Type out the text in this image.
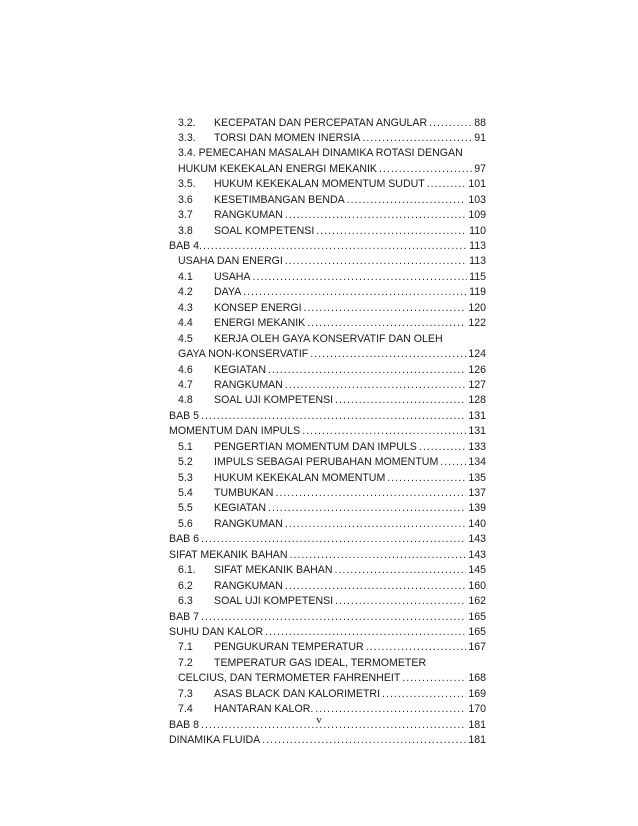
3.2.	KECEPATAN DAN PERCEPATAN ANGULAR .....	88
3.3.	TORSI DAN MOMEN INERSIA .....	91
3.4. PEMECAHAN MASALAH DINAMIKA ROTASI DENGAN
HUKUM KEKEKALAN ENERGI MEKANIK .....	97
3.5.	HUKUM KEKEKALAN MOMENTUM SUDUT .....	101
3.6	KESETIMBANGAN BENDA .....	103
3.7	RANGKUMAN .....	109
3.8	SOAL KOMPETENSI .....	110
BAB 4 .....	113
USAHA DAN ENERGI .....	113
4.1	USAHA .....	115
4.2	DAYA .....	119
4.3	KONSEP ENERGI .....	120
4.4	ENERGI MEKANIK .....	122
4.5	KERJA OLEH GAYA KONSERVATIF DAN OLEH
GAYA NON-KONSERVATIF .....	124
4.6	KEGIATAN .....	126
4.7	RANGKUMAN .....	127
4.8	SOAL UJI KOMPETENSI .....	128
BAB 5 .....	131
MOMENTUM DAN IMPULS .....	131
5.1	PENGERTIAN MOMENTUM DAN IMPULS .....	133
5.2	IMPULS SEBAGAI PERUBAHAN MOMENTUM .....	134
5.3	HUKUM KEKEKALAN MOMENTUM .....	135
5.4	TUMBUKAN .....	137
5.5	KEGIATAN .....	139
5.6	RANGKUMAN .....	140
BAB 6 .....	143
SIFAT MEKANIK BAHAN .....	143
6.1.	SIFAT MEKANIK BAHAN .....	145
6.2	RANGKUMAN .....	160
6.3	SOAL UJI KOMPETENSI .....	162
BAB 7 .....	165
SUHU DAN KALOR .....	165
7.1	PENGUKURAN TEMPERATUR .....	167
7.2	TEMPERATUR GAS IDEAL, TERMOMETER
CELCIUS, DAN TERMOMETER FAHRENHEIT .....	168
7.3	ASAS BLACK DAN KALORIMETRI .....	169
7.4	HANTARAN KALOR. .....	170
BAB 8 .....	181
DINAMIKA FLUIDA .....	181
v
